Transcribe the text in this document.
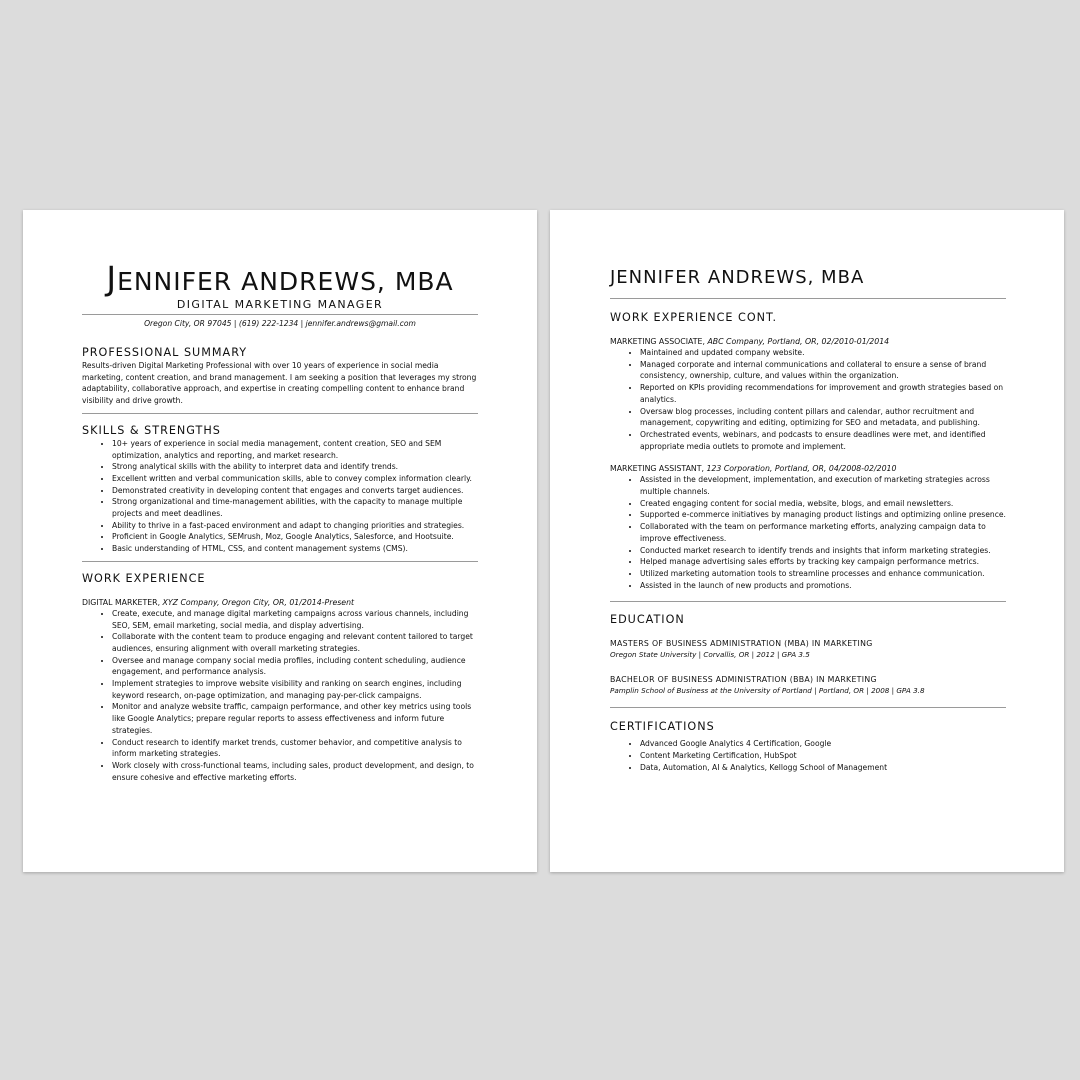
JENNIFER ANDREWS, MBA
DIGITAL MARKETING MANAGER
Oregon City, OR 97045 | (619) 222-1234 | jennifer.andrews@gmail.com
PROFESSIONAL SUMMARY

Results-driven Digital Marketing Professional with over 10 years of experience in social media marketing, content creation, and brand management. I am seeking a position that leverages my strong adaptability, collaborative approach, and expertise in creating compelling content to enhance brand visibility and drive growth.

SKILLS & STRENGTHS
• 10+ years of experience in social media management, content creation, SEO and SEM optimization, analytics and reporting, and market research.
• Strong analytical skills with the ability to interpret data and identify trends.
• Excellent written and verbal communication skills, able to convey complex information clearly.
• Demonstrated creativity in developing content that engages and converts target audiences.
• Strong organizational and time-management abilities, with the capacity to manage multiple projects and meet deadlines.
• Ability to thrive in a fast-paced environment and adapt to changing priorities and strategies.
• Proficient in Google Analytics, SEMrush, Moz, Google Analytics, Salesforce, and Hootsuite.
• Basic understanding of HTML, CSS, and content management systems (CMS).
WORK EXPERIENCE

DIGITAL MARKETER, XYZ Company, Oregon City, OR, 01/2014-Present

• Create, execute, and manage digital marketing campaigns across various channels, including SEO, SEM, email marketing, social media, and display advertising.
• Collaborate with the content team to produce engaging and relevant content tailored to target audiences, ensuring alignment with overall marketing strategies.
• Oversee and manage company social media profiles, including content scheduling, audience engagement, and performance analysis.
• Implement strategies to improve website visibility and ranking on search engines, including keyword research, on-page optimization, and managing pay-per-click campaigns.
• Monitor and analyze website traffic, campaign performance, and other key metrics using tools like Google Analytics; prepare regular reports to assess effectiveness and inform future strategies.
• Conduct research to identify market trends, customer behavior, and competitive analysis to inform marketing strategies.
• Work closely with cross-functional teams, including sales, product development, and design, to ensure cohesive and effective marketing efforts.
JENNIFER ANDREWS, MBA
WORK EXPERIENCE CONT.

MARKETING ASSOCIATE, ABC Company, Portland, OR, 02/2010-01/2014

• Maintained and updated company website.
• Managed corporate and internal communications and collateral to ensure a sense of brand consistency, ownership, culture, and values within the organization.
• Reported on KPIs providing recommendations for improvement and growth strategies based on analytics.
• Oversaw blog processes, including content pillars and calendar, author recruitment and management, copywriting and editing, optimizing for SEO and metadata, and publishing.
• Orchestrated events, webinars, and podcasts to ensure deadlines were met, and identified appropriate media outlets to promote and implement.

MARKETING ASSISTANT, 123 Corporation, Portland, OR, 04/2008-02/2010

• Assisted in the development, implementation, and execution of marketing strategies across multiple channels.
• Created engaging content for social media, website, blogs, and email newsletters.
• Supported e-commerce initiatives by managing product listings and optimizing online presence.
• Collaborated with the team on performance marketing efforts, analyzing campaign data to improve effectiveness.
• Conducted market research to identify trends and insights that inform marketing strategies.
• Helped manage advertising sales efforts by tracking key campaign performance metrics.
• Utilized marketing automation tools to streamline processes and enhance communication.
• Assisted in the launch of new products and promotions.
EDUCATION

MASTERS OF BUSINESS ADMINISTRATION (MBA) IN MARKETING

Oregon State University | Corvallis, OR | 2012 | GPA 3.5

BACHELOR OF BUSINESS ADMINISTRATION (BBA) IN MARKETING

Pamplin School of Business at the University of Portland | Portland, OR | 2008 | GPA 3.8

CERTIFICATIONS
• Advanced Google Analytics 4 Certification, Google
• Content Marketing Certification, HubSpot
• Data, Automation, AI & Analytics, Kellogg School of Management
